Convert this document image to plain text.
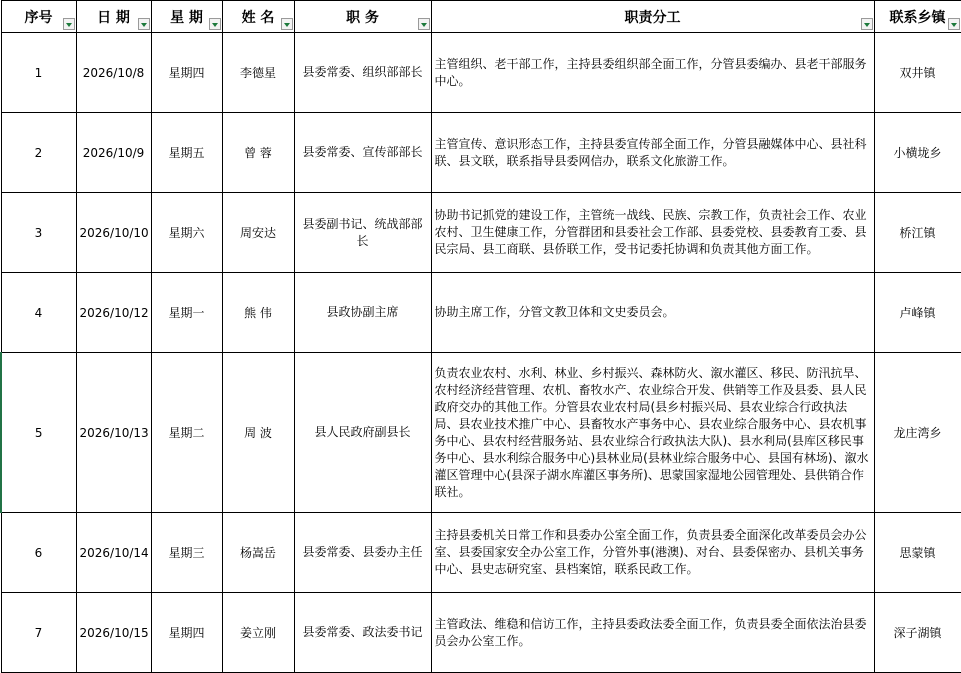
序号	日 期	星 期	姓 名	职 务	职责分工	联系乡镇

1	2026/10/8	星期四	李德星	县委常委、组织部部长	主管组织、老干部工作，主持县委组织部全面工作，分管县委编办、县老干部服务中心。	双井镇
2	2026/10/9	星期五	曾 蓉	县委常委、宣传部部长	主管宣传、意识形态工作，主持县委宣传部全面工作，分管县融媒体中心、县社科联、县文联，联系指导县委网信办，联系文化旅游工作。	小横垅乡
3	2026/10/10	星期六	周安达	县委副书记、统战部部长	协助书记抓党的建设工作，主管统一战线、民族、宗教工作，负责社会工作、农业农村、卫生健康工作，分管群团和县委社会工作部、县委党校、县委教育工委、县民宗局、县工商联、县侨联工作，受书记委托协调和负责其他方面工作。	桥江镇
4	2026/10/12	星期一	熊 伟	县政协副主席	协助主席工作，分管文教卫体和文史委员会。	卢峰镇
5	2026/10/13	星期二	周 波	县人民政府副县长	负责农业农村、水利、林业、乡村振兴、森林防火、溆水灌区、移民、防汛抗旱、农村经济经营管理、农机、畜牧水产、农业综合开发、供销等工作及县委、县人民政府交办的其他工作。分管县农业农村局(县乡村振兴局、县农业综合行政执法局、县农业技术推广中心、县畜牧水产事务中心、县农业综合服务中心、县农机事务中心、县农村经营服务站、县农业综合行政执法大队)、县水利局(县库区移民事务中心、县水利综合服务中心)县林业局(县林业综合服务中心、县国有林场)、溆水灌区管理中心(县深子湖水库灌区事务所)、思蒙国家湿地公园管理处、县供销合作联社。	龙庄湾乡
6	2026/10/14	星期三	杨嵩岳	县委常委、县委办主任	主持县委机关日常工作和县委办公室全面工作，负责县委全面深化改革委员会办公室、县委国家安全办公室工作，分管外事(港澳)、对台、县委保密办、县机关事务中心、县史志研究室、县档案馆，联系民政工作。	思蒙镇
7	2026/10/15	星期四	姜立刚	县委常委、政法委书记	主管政法、维稳和信访工作，主持县委政法委全面工作，负责县委全面依法治县委员会办公室工作。	深子湖镇
